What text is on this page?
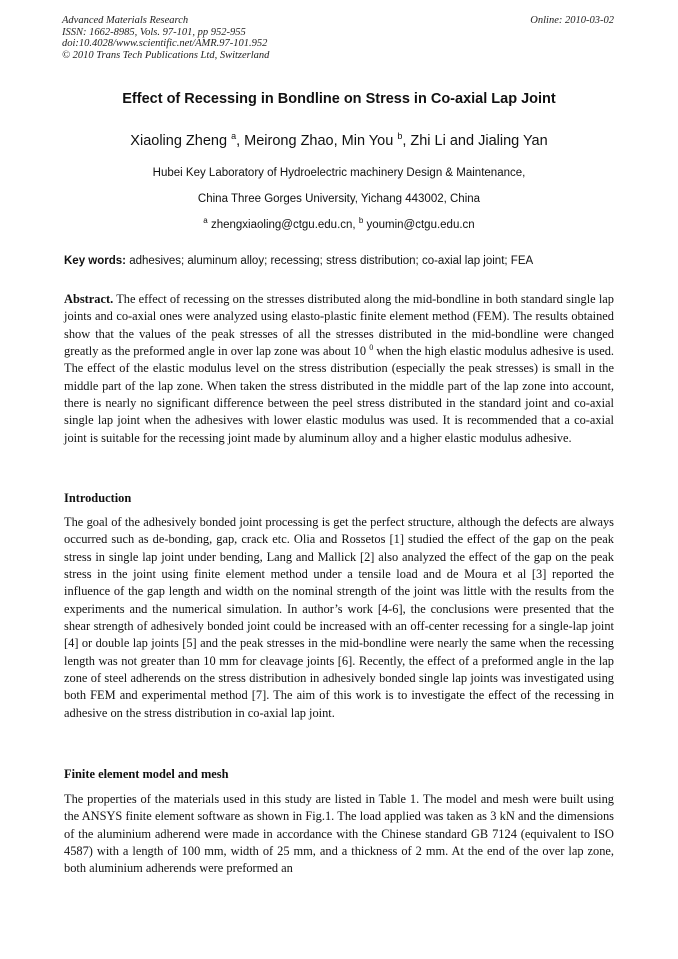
Advanced Materials Research
ISSN: 1662-8985, Vols. 97-101, pp 952-955
doi:10.4028/www.scientific.net/AMR.97-101.952
© 2010 Trans Tech Publications Ltd, Switzerland
Online: 2010-03-02
Effect of Recessing in Bondline on Stress in Co-axial Lap Joint
Xiaoling Zheng $^a$, Meirong Zhao, Min You $^b$, Zhi Li and Jialing Yan
Hubei Key Laboratory of Hydroelectric machinery Design & Maintenance,
China Three Gorges University, Yichang 443002, China
$^a$ zhengxiaoling@ctgu.edu.cn, $^b$ youmin@ctgu.edu.cn
Key words: adhesives; aluminum alloy; recessing; stress distribution; co-axial lap joint; FEA
Abstract. The effect of recessing on the stresses distributed along the mid-bondline in both standard single lap joints and co-axial ones were analyzed using elasto-plastic finite element method (FEM). The results obtained show that the values of the peak stresses of all the stresses distributed in the mid-bondline were changed greatly as the preformed angle in over lap zone was about 10 $^0$ when the high elastic modulus adhesive is used. The effect of the elastic modulus level on the stress distribution (especially the peak stresses) is small in the middle part of the lap zone. When taken the stress distributed in the middle part of the lap zone into account, there is nearly no significant difference between the peel stress distributed in the standard joint and co-axial single lap joint when the adhesives with lower elastic modulus was used. It is recommended that a co-axial joint is suitable for the recessing joint made by aluminum alloy and a higher elastic modulus adhesive.
Introduction
The goal of the adhesively bonded joint processing is get the perfect structure, although the defects are always occurred such as de-bonding, gap, crack etc. Olia and Rossetos [1] studied the effect of the gap on the peak stress in single lap joint under bending, Lang and Mallick [2] also analyzed the effect of the gap on the peak stress in the joint using finite element method under a tensile load and de Moura et al [3] reported the influence of the gap length and width on the nominal strength of the joint was little with the results from the experiments and the numerical simulation. In author’s work [4-6], the conclusions were presented that the shear strength of adhesively bonded joint could be increased with an off-center recessing for a single-lap joint [4] or double lap joints [5] and the peak stresses in the mid-bondline were nearly the same when the recessing length was not greater than 10 mm for cleavage joints [6]. Recently, the effect of a preformed angle in the lap zone of steel adherends on the stress distribution in adhesively bonded single lap joints was investigated using both FEM and experimental method [7]. The aim of this work is to investigate the effect of the recessing in adhesive on the stress distribution in co-axial lap joint.
Finite element model and mesh
The properties of the materials used in this study are listed in Table 1. The model and mesh were built using the ANSYS finite element software as shown in Fig.1. The load applied was taken as 3 kN and the dimensions of the aluminium adherend were made in accordance with the Chinese standard GB 7124 (equivalent to ISO 4587) with a length of 100 mm, width of 25 mm, and a thickness of 2 mm. At the end of the over lap zone, both aluminium adherends were preformed an
